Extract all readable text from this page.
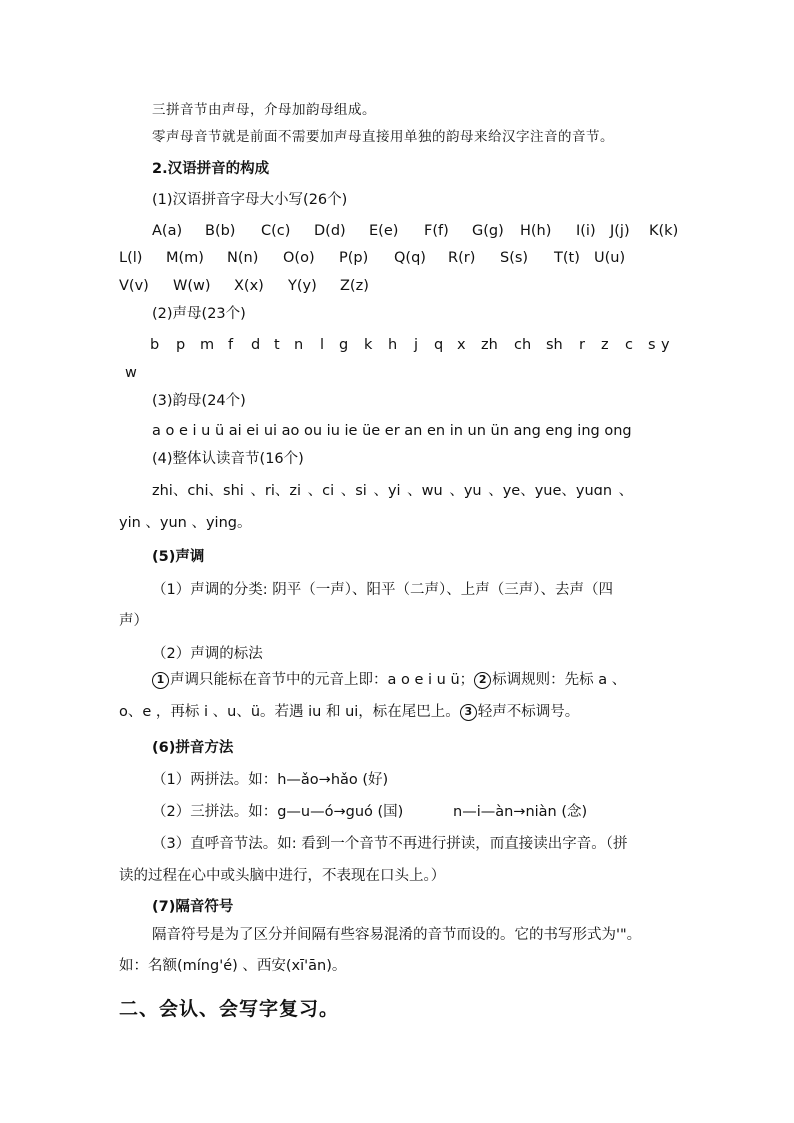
三拼音节由声母，介母加韵母组成。
零声母音节就是前面不需要加声母直接用单独的韵母来给汉字注音的音节。
2.汉语拼音的构成
(1)汉语拼音字母大小写(26个)
A(a) B(b) C(c) D(d) E(e) F(f) G(g) H(h) I(i) J(j) K(k)
L(l) M(m) N(n) O(o) P(p) Q(q) R(r) S(s) T(t) U(u)
V(v) W(w) X(x) Y(y) Z(z)
(2)声母(23个)
b p m f d t n l g k h j q x zh ch sh r z c s y
w
(3)韵母(24个)
a o e i u ü ai ei ui ao ou iu ie üe er an en in un ün ang eng ing ong
(4)整体认读音节(16个)
zhi、chi、shi 、ri、zi 、ci 、si 、yi 、wu 、yu 、ye、yue、yuɑn 、
yin 、yun 、ying。
(5)声调
（1）声调的分类: 阴平（一声）、阳平（二声）、上声（三声）、去声（四
声）
（2）声调的标法
1 声调只能标在音节中的元音上即：a o e i u ü； 2 标调规则：先标 a 、
o、e ，再标 i 、u、ü。若遇 iu 和 ui，标在尾巴上。 3 轻声不标调号。
(6)拼音方法
（1）两拼法。如：h—ǎo→hǎo (好)
（2）三拼法。如：g—u—ó→guó (国)	n—i—àn→niàn (念)
（3）直呼音节法。如: 看到一个音节不再进行拼读，而直接读出字音。（拼
读的过程在心中或头脑中进行，不表现在口头上。）
(7)隔音符号
隔音符号是为了区分并间隔有些容易混淆的音节而设的。它的书写形式为'"。
如：名额(míng'é) 、西安(xī'ān)。
二、会认、会写字复习。
